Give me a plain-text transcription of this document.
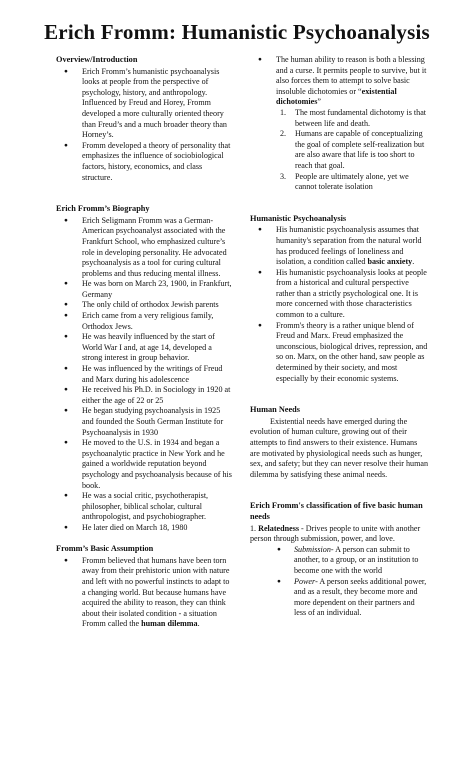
Erich Fromm: Humanistic Psychoanalysis
Overview/Introduction
● Erich Fromm’s humanistic psychoanalysis looks at people from the perspective of psychology, history, and anthropology. Influenced by Freud and Horey, Fromm developed a more culturally oriented theory than Freud’s and a much broader theory than Horney’s.
● Fromm developed a theory of personality that emphasizes the influence of sociobiological factors, history, economics, and class structure.
Erich Fromm’s Biography
● Erich Seligmann Fromm was a German-American psychoanalyst associated with the Frankfurt School, who emphasized culture’s role in developing personality. He advocated psychoanalysis as a tool for curing cultural problems and thus reducing mental illness.
● He was born on March 23, 1900, in Frankfurt, Germany
● The only child of orthodox Jewish parents
● Erich came from a very religious family, Orthodox Jews.
● He was heavily influenced by the start of World War I and, at age 14, developed a strong interest in group behavior.
● He was influenced by the writings of Freud and Marx during his adolescence
● He received his Ph.D. in Sociology in 1920 at either the age of 22 or 25
● He began studying psychoanalysis in 1925 and founded the South German Institute for Psychoanalysis in 1930
● He moved to the U.S. in 1934 and began a psychoanalytic practice in New York and he gained a worldwide reputation beyond psychology and psychoanalysis because of his book.
● He was a social critic, psychotherapist, philosopher, biblical scholar, cultural anthropologist, and psychobiographer.
● He later died on March 18, 1980
Fromm’s Basic Assumption
● Fromm believed that humans have been torn away from their prehistoric union with nature and left with no powerful instincts to adapt to a changing world. But because humans have acquired the ability to reason, they can think about their isolated condition - a situation Fromm called the human dilemma.
● The human ability to reason is both a blessing and a curse. It permits people to survive, but it also forces them to attempt to solve basic insoluble dichotomies or “existential dichotomies”
1. The most fundamental dichotomy is that between life and death.
2. Humans are capable of conceptualizing the goal of complete self-realization but are also aware that life is too short to reach that goal.
3. People are ultimately alone, yet we cannot tolerate isolation
Humanistic Psychoanalysis
● His humanistic psychoanalysis assumes that humanity's separation from the natural world has produced feelings of loneliness and isolation, a condition called basic anxiety.
● His humanistic psychoanalysis looks at people from a historical and cultural perspective rather than a strictly psychological one. It is more concerned with those characteristics common to a culture.
● Fromm's theory is a rather unique blend of Freud and Marx. Freud emphasized the unconscious, biological drives, repression, and so on. Marx, on the other hand, saw people as determined by their society, and most especially by their economic systems.
Human Needs

Existential needs have emerged during the evolution of human culture, growing out of their attempts to find answers to their existence. Humans are motivated by physiological needs such as hunger, sex, and safety; but they can never resolve their human dilemma by satisfying these animal needs.

Erich Fromm's classification of five basic human needs

1. Relatedness - Drives people to unite with another person through submission, power, and love.

● Submission- A person can submit to another, to a group, or an institution to become one with the world
● Power- A person seeks additional power, and as a result, they become more and more dependent on their partners and less of an individual.
